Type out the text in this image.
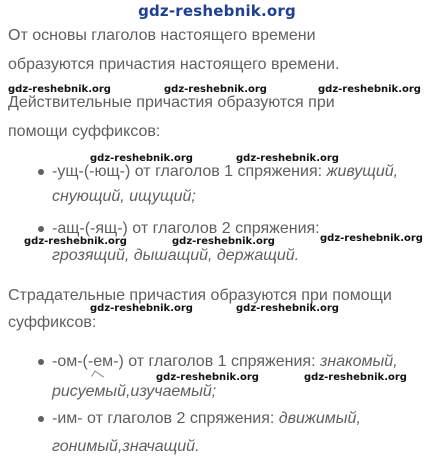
gdz-reshebnik.org
От основы глаголов настоящего времени
образуются причастия настоящего времени.
gdz-reshebnik.org	gdz-reshebnik.org	gdz-reshebnik.org
Действительные причастия образуются при
помощи суффиксов:
gdz-reshebnik.org	gdz-reshebnik.org
-ущ-(-ющ-) от глаголов 1 спряжения: живущий,
снующий, ищущий;
-ащ-(-ящ-) от глаголов 2 спряжения:
gdz-reshebnik.org	gdz-reshebnik.org	gdz-reshebnik.org
грозящий, дышащий, держащий.
Страдательные причастия образуются при помощи
gdz-reshebnik.org	gdz-reshebnik.org
суффиксов:
-ом-(-ем-) от глаголов 1 спряжения: знакомый,
gdz-reshebnik.org	gdz-reshebnik.org
рисуемый,изучаемый;
-им- от глаголов 2 спряжения: движимый,
гонимый,значащий.
